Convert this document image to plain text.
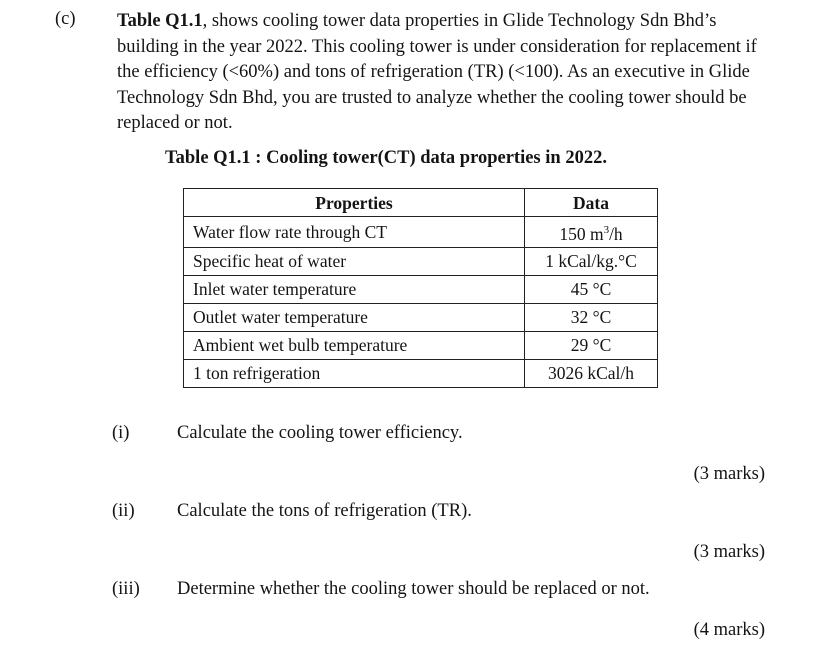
(c) Table Q1.1, shows cooling tower data properties in Glide Technology Sdn Bhd’s building in the year 2022. This cooling tower is under consideration for replacement if the efficiency (<60%) and tons of refrigeration (TR) (<100). As an executive in Glide Technology Sdn Bhd, you are trusted to analyze whether the cooling tower should be replaced or not.
Table Q1.1 : Cooling tower(CT) data properties in 2022.
Properties	Data
Water flow rate through CT	150 $m^3/h$
Specific heat of water	1 kCal/kg.°C
Inlet water temperature	45 °C
Outlet water temperature	32 °C
Ambient wet bulb temperature	29 °C
1 ton refrigeration	3026 kCal/h
(i)	Calculate the cooling tower efficiency.
(3 marks)
(ii) Calculate the tons of refrigeration (TR).
(3 marks)
(iii) Determine whether the cooling tower should be replaced or not.
(4 marks)
